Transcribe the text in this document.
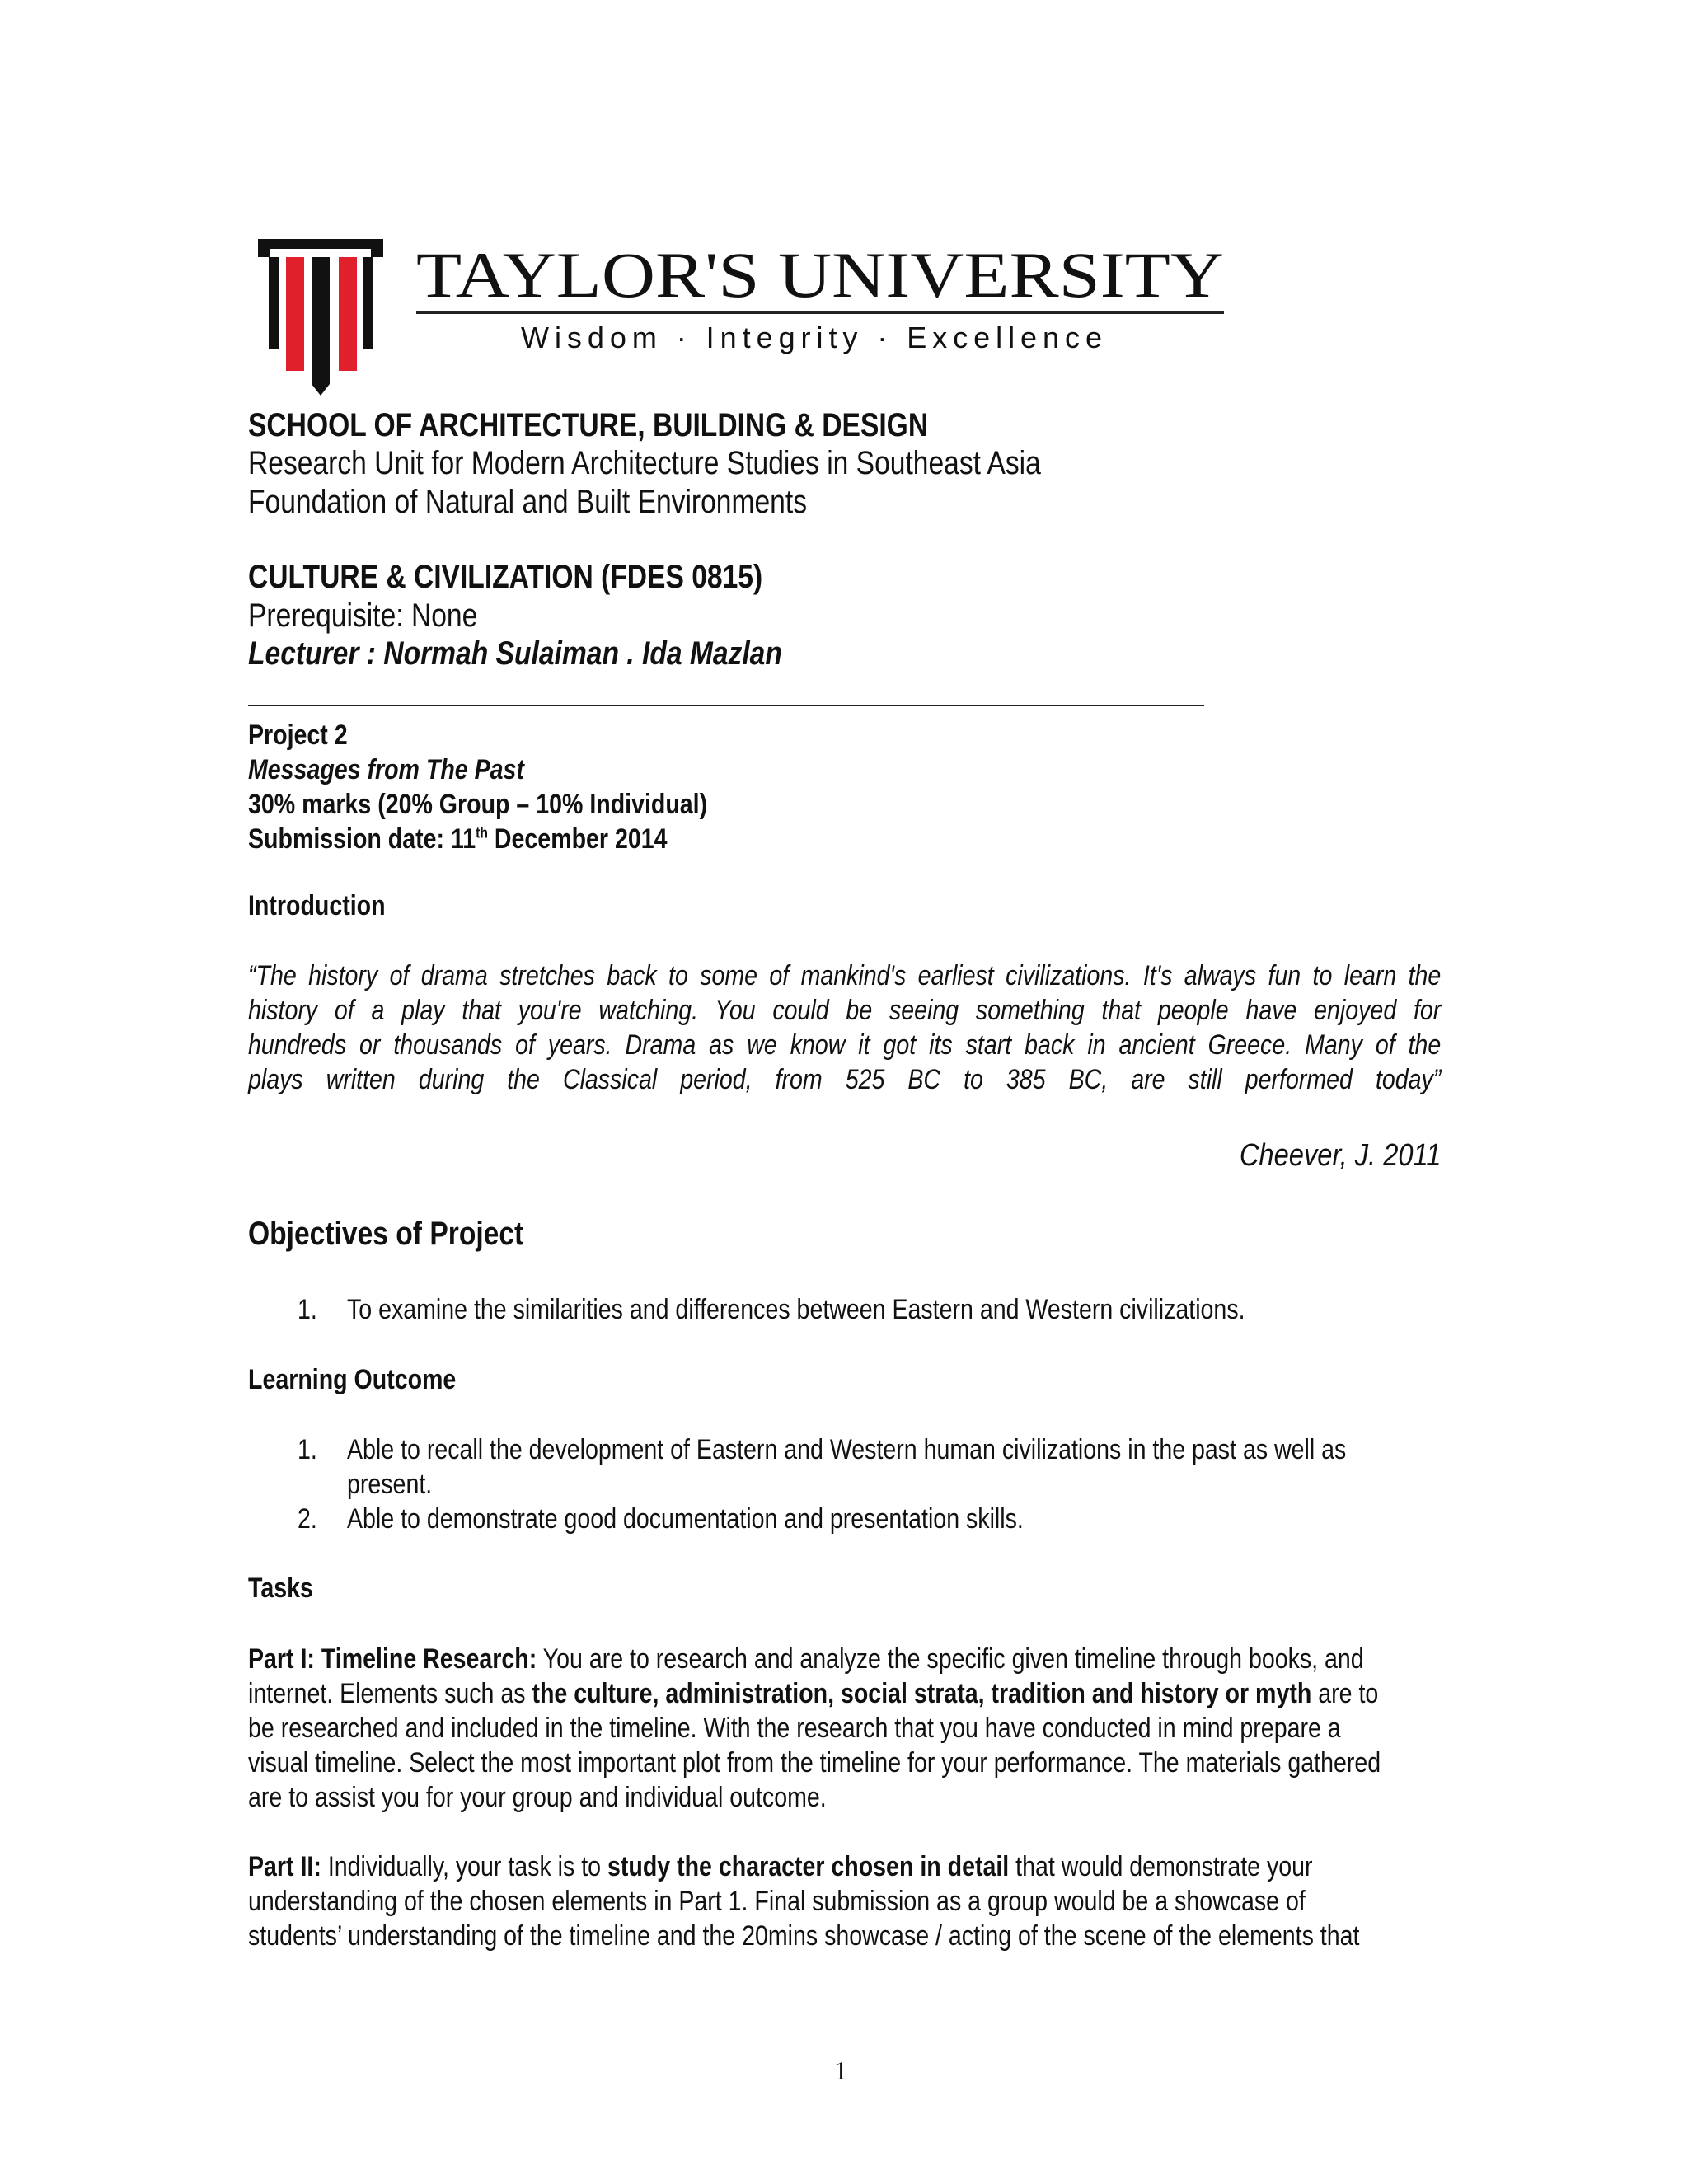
TAYLOR'S UNIVERSITY
Wisdom · Integrity · Excellence
SCHOOL OF ARCHITECTURE, BUILDING & DESIGN
Research Unit for Modern Architecture Studies in Southeast Asia
Foundation of Natural and Built Environments
CULTURE & CIVILIZATION (FDES 0815)
Prerequisite: None
Lecturer : Normah Sulaiman . Ida Mazlan
Project 2
Messages from The Past
30% marks (20% Group – 10% Individual)
Submission date: 11th December 2014
Introduction
“The history of drama stretches back to some of mankind's earliest civilizations. It's always fun to learn the
history of a play that you're watching. You could be seeing something that people have enjoyed for
hundreds or thousands of years. Drama as we know it got its start back in ancient Greece. Many of the
plays written during the Classical period, from 525 BC to 385 BC, are still performed today”
Cheever, J. 2011
Objectives of Project
1. To examine the similarities and differences between Eastern and Western civilizations.
Learning Outcome
1. Able to recall the development of Eastern and Western human civilizations in the past as well as
present.
2. Able to demonstrate good documentation and presentation skills.
Tasks
Part I: Timeline Research: You are to research and analyze the specific given timeline through books, and
internet. Elements such as the culture, administration, social strata, tradition and history or myth are to
be researched and included in the timeline. With the research that you have conducted in mind prepare a
visual timeline. Select the most important plot from the timeline for your performance. The materials gathered
are to assist you for your group and individual outcome.
Part II: Individually, your task is to study the character chosen in detail that would demonstrate your
understanding of the chosen elements in Part 1. Final submission as a group would be a showcase of
students’ understanding of the timeline and the 20mins showcase / acting of the scene of the elements that
1
